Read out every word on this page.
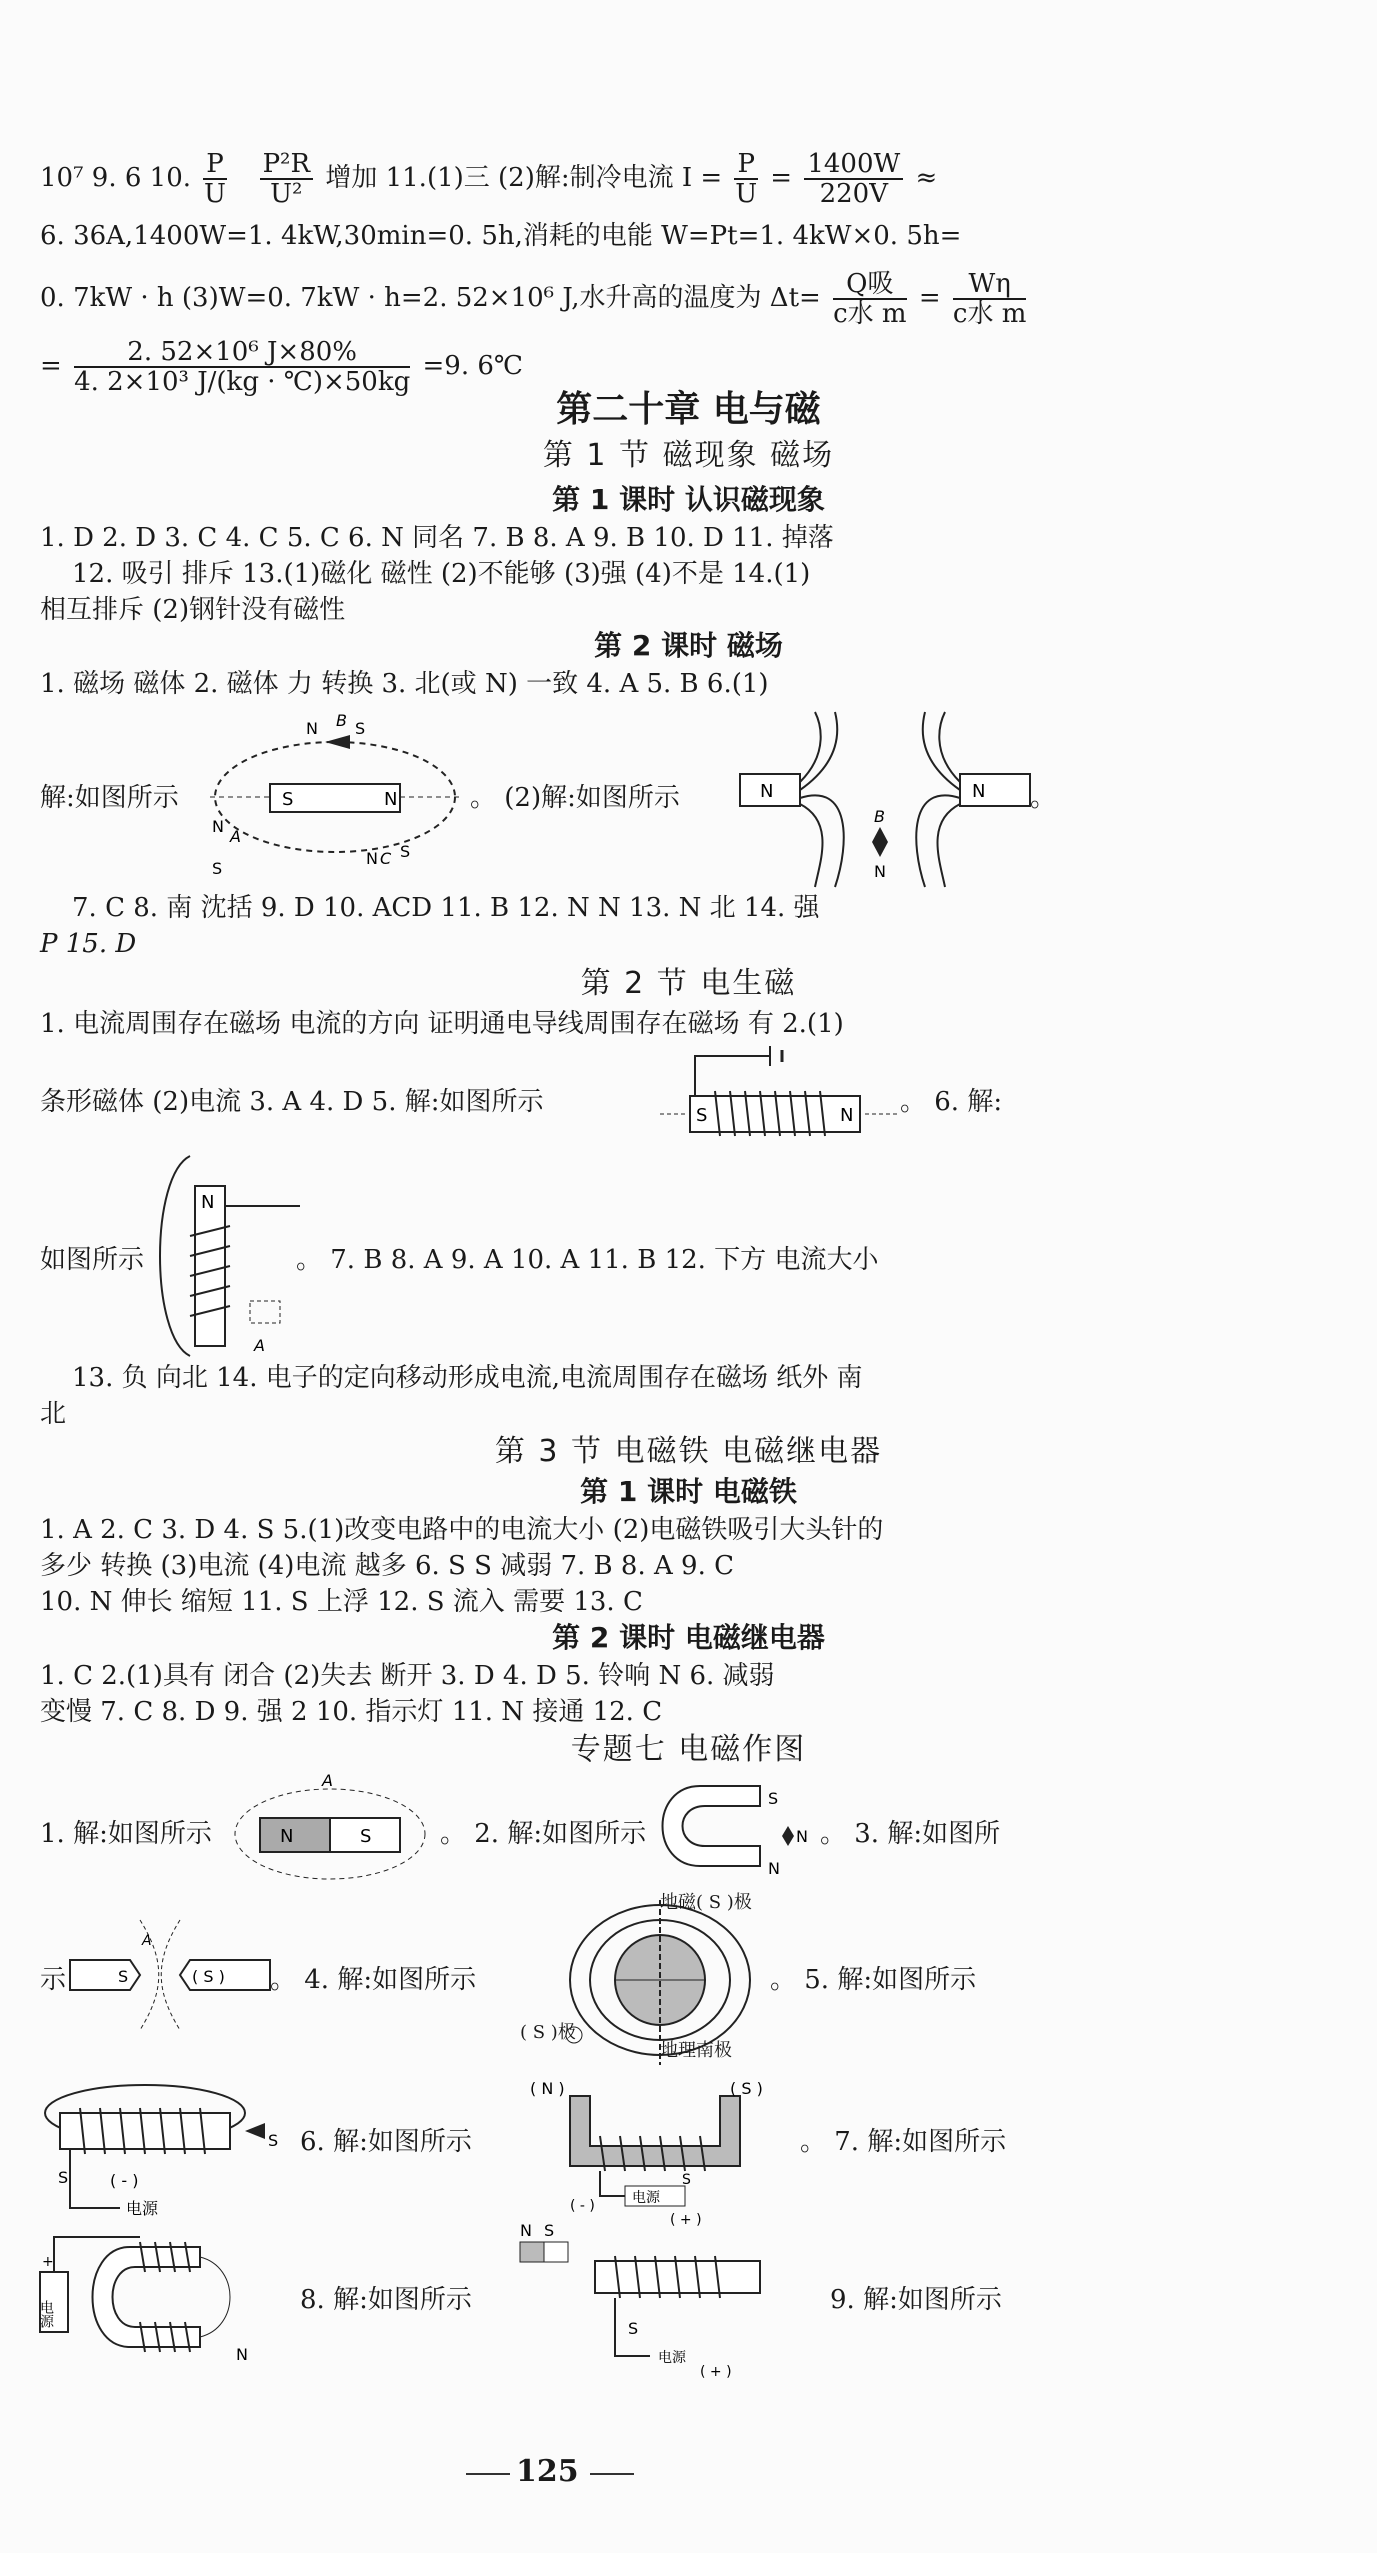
10⁷ 9. 6 10. $\frac{P}{U}$
$\frac{\text{P²R}}{\text{U²}}$ 增加 11.(1)三 (2)解:制冷电流 $I = \frac{P}{U} = \frac{1400W}{220V}$ ≈
6. 36A,1400W=1. 4kW,30min=0. 5h,消耗的电能 W=Pt=1. 4kW×0. 5h=
0. 7kW · h (3)W=0. 7kW · h=2. 52×10⁶ J,水升高的温度为 $\Delta t= \frac{\text{Q吸}}{\text{c水 m}} = \frac{W\eta}{\text{c水 m}}$
= $\frac{\text{2. 52×10⁶ J×80\%}}{\text{4. 2×10³ J/(kg · ℃)×50kg}} =9$. 6℃
第二十章 电与磁
第 1 节 磁现象 磁场
第 1 课时 认识磁现象
1. D 2. D 3. C 4. C 5. C 6. N 同名 7. B 8. A 9. B 10. D 11. 掉落
12. 吸引 排斥 13.(1)磁化 磁性 (2)不能够 (3)强 (4)不是 14.(1)
相互排斥 (2)钢针没有磁性
第 2 课时 磁场
1. 磁场 磁体 2. 磁体 力 转换 3. 北(或 N) 一致 4. A 5. B 6.(1)
解:如图所示	S	N
N B S
N
A
S
N C S
。 (2)解:如图所示	N	N
B
N
。
7. C 8. 南 沈括 9. D 10. ACD 11. B 12. N N 13. N 北 14. 强
P 15. D
第 2 节 电生磁
1. 电流周围存在磁场 电流的方向 证明通电导线周围存在磁场 有 2.(1)
条形磁体 (2)电流 3. A 4. D 5. 解:如图所示	S	N 。 6. 解:
N
A
如图所示	。 7. B 8. A 9. A 10. A 11. B 12. 下方 电流大小
13. 负 向北 14. 电子的定向移动形成电流,电流周围存在磁场 纸外 南
北
第 3 节 电磁铁 电磁继电器
第 1 课时 电磁铁
1. A 2. C 3. D 4. S 5.(1)改变电路中的电流大小 (2)电磁铁吸引大头针的
多少 转换 (3)电流 (4)电流 越多 6. S S 减弱 7. B 8. A 9. C
10. N 伸长 缩短 11. S 上浮 12. S 流入 需要 13. C
第 2 课时 电磁继电器
1. C 2.(1)具有 闭合 (2)失去 断开 3. D 4. D 5. 铃响 N 6. 减弱
变慢 7. C 8. D 9. 强 2 10. 指示灯 11. N 接通 12. C
专题七 电磁作图
1. 解:如图所示	N	S
A
。 2. 解:如图所示
S
N
N 。 3. 解:如图所
示	S	( S )
A
。 4. 解:如图所示
地磁( S )极
( S )极
地理南极
。 5. 解:如图所示
S
S	( - )
电源
6. 解:如图所示
( N )	( S )
电源
( - )
( + )
S
。 7. 解:如图所示
电源
+
N
8. 解:如图所示
N S
S
电源
( + )
9. 解:如图所示
125
